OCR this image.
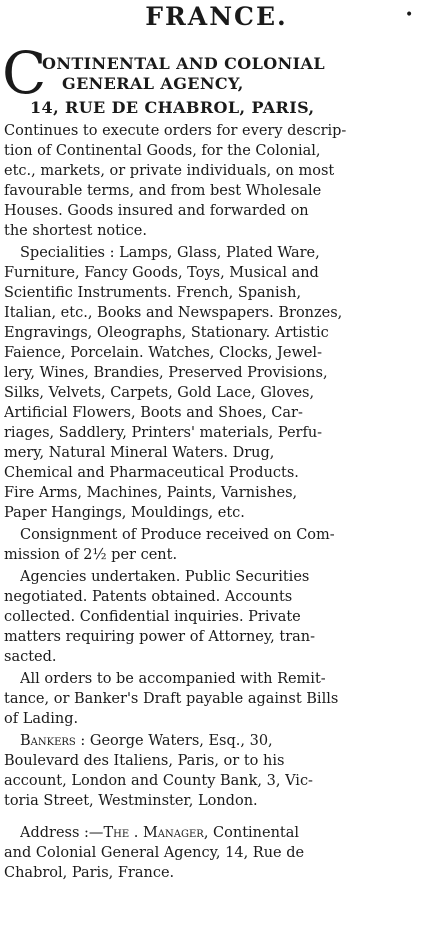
FRANCE.	•
C
ONTINENTAL AND COLONIAL
GENERAL AGENCY,
14, RUE DE CHABROL, PARIS,
Continues to execute orders for every descrip-
tion of Continental Goods, for the Colonial,
etc., markets, or private individuals, on most
favourable terms, and from best Wholesale
Houses. Goods insured and forwarded on
the shortest notice.
Specialities : Lamps, Glass, Plated Ware,
Furniture, Fancy Goods, Toys, Musical and
Scientific Instruments. French, Spanish,
Italian, etc., Books and Newspapers. Bronzes,
Engravings, Oleographs, Stationary. Artistic
Faience, Porcelain. Watches, Clocks, Jewel-
lery, Wines, Brandies, Preserved Provisions,
Silks, Velvets, Carpets, Gold Lace, Gloves,
Artificial Flowers, Boots and Shoes, Car-
riages, Saddlery, Printers' materials, Perfu-
mery, Natural Mineral Waters. Drug,
Chemical and Pharmaceutical Products.
Fire Arms, Machines, Paints, Varnishes,
Paper Hangings, Mouldings, etc.
Consignment of Produce received on Com-
mission of 2½ per cent.
Agencies undertaken. Public Securities
negotiated. Patents obtained. Accounts
collected. Confidential inquiries. Private
matters requiring power of Attorney, tran-
sacted.
All orders to be accompanied with Remit-
tance, or Banker's Draft payable against Bills
of Lading.
Bankers : George Waters, Esq., 30,
Boulevard des Italiens, Paris, or to his
account, London and County Bank, 3, Vic-
toria Street, Westminster, London.
Address :—The . Manager, Continental
and Colonial General Agency, 14, Rue de
Chabrol, Paris, France.
